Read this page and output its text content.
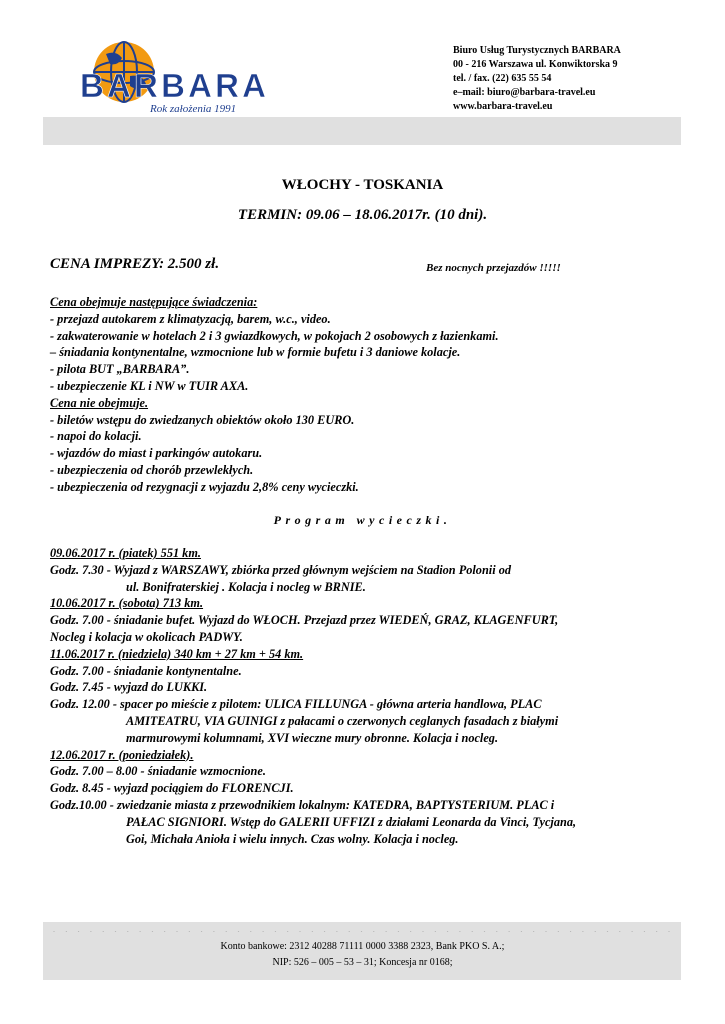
BARBARA
Rok założenia 1991
Biuro Usług Turystycznych BARBARA
00 - 216 Warszawa ul. Konwiktorska 9
tel. / fax. (22) 635 55 54
e–mail: biuro@barbara-travel.eu
www.barbara-travel.eu
WŁOCHY - TOSKANIA
TERMIN: 09.06 – 18.06.2017r. (10 dni).
CENA IMPREZY: 2.500 zł.	Bez nocnych przejazdów !!!!!
Cena obejmuje następujące świadczenia:
- przejazd autokarem z klimatyzacją, barem, w.c., video.
- zakwaterowanie w hotelach 2 i 3 gwiazdkowych, w pokojach 2 osobowych z łazienkami.
– śniadania kontynentalne, wzmocnione lub w formie bufetu i 3 daniowe kolacje.
- pilota BUT „BARBARA”.
- ubezpieczenie KL i NW w TUIR AXA.
Cena nie obejmuje.
- biletów wstępu do zwiedzanych obiektów około 130 EURO.
- napoi do kolacji.
- wjazdów do miast i parkingów autokaru.
- ubezpieczenia od chorób przewlekłych.
- ubezpieczenia od rezygnacji z wyjazdu 2,8% ceny wycieczki.
Program wycieczki.
09.06.2017 r. (piatek) 551 km.
Godz. 7.30 - Wyjazd z WARSZAWY, zbiórka przed głównym wejściem na Stadion Polonii od
ul. Bonifraterskiej . Kolacja i nocleg w BRNIE.
10.06.2017 r. (sobota) 713 km.
Godz. 7.00 - śniadanie bufet. Wyjazd do WŁOCH. Przejazd przez WIEDEŃ, GRAZ, KLAGENFURT,
Nocleg i kolacja w okolicach PADWY.
11.06.2017 r. (niedziela) 340 km + 27 km + 54 km.
Godz. 7.00 - śniadanie kontynentalne.
Godz. 7.45 - wyjazd do LUKKI.
Godz. 12.00 - spacer po mieście z pilotem: ULICA FILLUNGA - główna arteria handlowa, PLAC
AMITEATRU, VIA GUINIGI z pałacami o czerwonych ceglanych fasadach z białymi
marmurowymi kolumnami, XVI wieczne mury obronne. Kolacja i nocleg.
12.06.2017 r. (poniedziałek).
Godz. 7.00 – 8.00 - śniadanie wzmocnione.
Godz. 8.45 - wyjazd pociągiem do FLORENCJI.
Godz.10.00 - zwiedzanie miasta z przewodnikiem lokalnym: KATEDRA, BAPTYSTERIUM. PLAC i
PAŁAC SIGNIORI. Wstęp do GALERII UFFIZI z działami Leonarda da Vinci, Tycjana,
Goi, Michała Anioła i wielu innych. Czas wolny. Kolacja i nocleg.
Konto bankowe: 2312 40288 71111 0000 3388 2323, Bank PKO S. A.;
NIP: 526 – 005 – 53 – 31; Koncesja nr 0168;
